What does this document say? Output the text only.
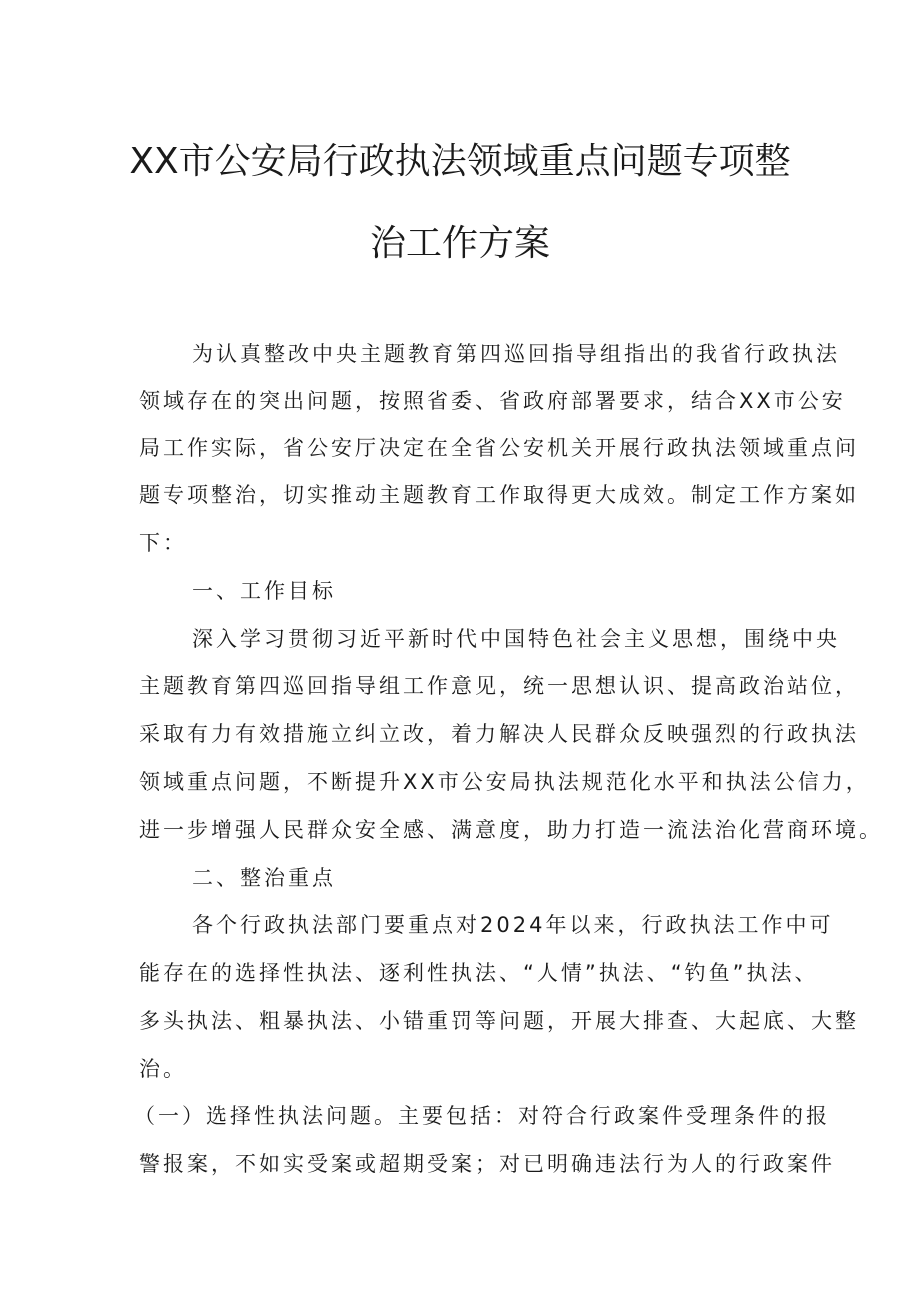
XX市公安局行政执法领域重点问题专项整
治工作方案
为认真整改中央主题教育第四巡回指导组指出的我省行政执法
领域存在的突出问题，按照省委、省政府部署要求，结合XX市公安
局工作实际，省公安厅决定在全省公安机关开展行政执法领域重点问
题专项整治，切实推动主题教育工作取得更大成效。制定工作方案如
下：
一、工作目标
深入学习贯彻习近平新时代中国特色社会主义思想，围绕中央
主题教育第四巡回指导组工作意见，统一思想认识、提高政治站位，
采取有力有效措施立纠立改，着力解决人民群众反映强烈的行政执法
领域重点问题，不断提升XX市公安局执法规范化水平和执法公信力，
进一步增强人民群众安全感、满意度，助力打造一流法治化营商环境。
二、整治重点
各个行政执法部门要重点对2024年以来，行政执法工作中可
能存在的选择性执法、逐利性执法、“人情”执法、“钓鱼”执法、
多头执法、粗暴执法、小错重罚等问题，开展大排查、大起底、大整
治。
（一）选择性执法问题。主要包括：对符合行政案件受理条件的报
警报案，不如实受案或超期受案；对已明确违法行为人的行政案件
